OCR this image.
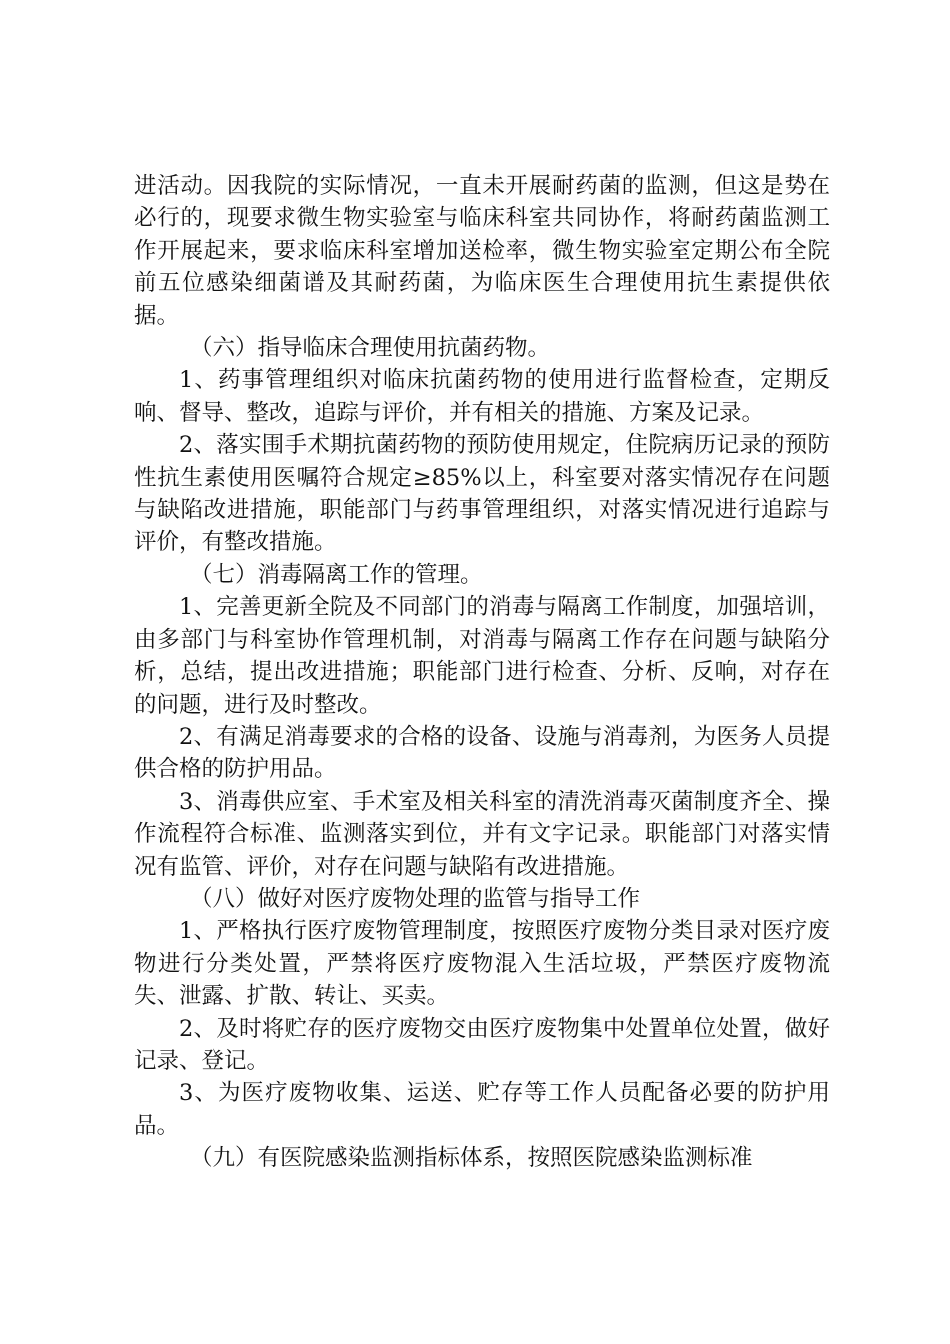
进活动。因我院的实际情况，一直未开展耐药菌的监测，但这是势在必行的，现要求微生物实验室与临床科室共同协作，将耐药菌监测工作开展起来，要求临床科室增加送检率，微生物实验室定期公布全院前五位感染细菌谱及其耐药菌，为临床医生合理使用抗生素提供依据。

（六）指导临床合理使用抗菌药物。

1、药事管理组织对临床抗菌药物的使用进行监督检查，定期反响、督导、整改，追踪与评价，并有相关的措施、方案及记录。

2、落实围手术期抗菌药物的预防使用规定，住院病历记录的预防性抗生素使用医嘱符合规定≥85%以上，科室要对落实情况存在问题与缺陷改进措施，职能部门与药事管理组织，对落实情况进行追踪与评价，有整改措施。

（七）消毒隔离工作的管理。

1、完善更新全院及不同部门的消毒与隔离工作制度，加强培训，由多部门与科室协作管理机制，对消毒与隔离工作存在问题与缺陷分析，总结，提出改进措施；职能部门进行检查、分析、反响，对存在的问题，进行及时整改。

2、有满足消毒要求的合格的设备、设施与消毒剂，为医务人员提供合格的防护用品。

3、消毒供应室、手术室及相关科室的清洗消毒灭菌制度齐全、操作流程符合标准、监测落实到位，并有文字记录。职能部门对落实情况有监管、评价，对存在问题与缺陷有改进措施。

（八）做好对医疗废物处理的监管与指导工作

1、严格执行医疗废物管理制度，按照医疗废物分类目录对医疗废物进行分类处置，严禁将医疗废物混入生活垃圾，严禁医疗废物流失、泄露、扩散、转让、买卖。

2、及时将贮存的医疗废物交由医疗废物集中处置单位处置，做好记录、登记。

3、为医疗废物收集、运送、贮存等工作人员配备必要的防护用品。

（九）有医院感染监测指标体系，按照医院感染监测标准
